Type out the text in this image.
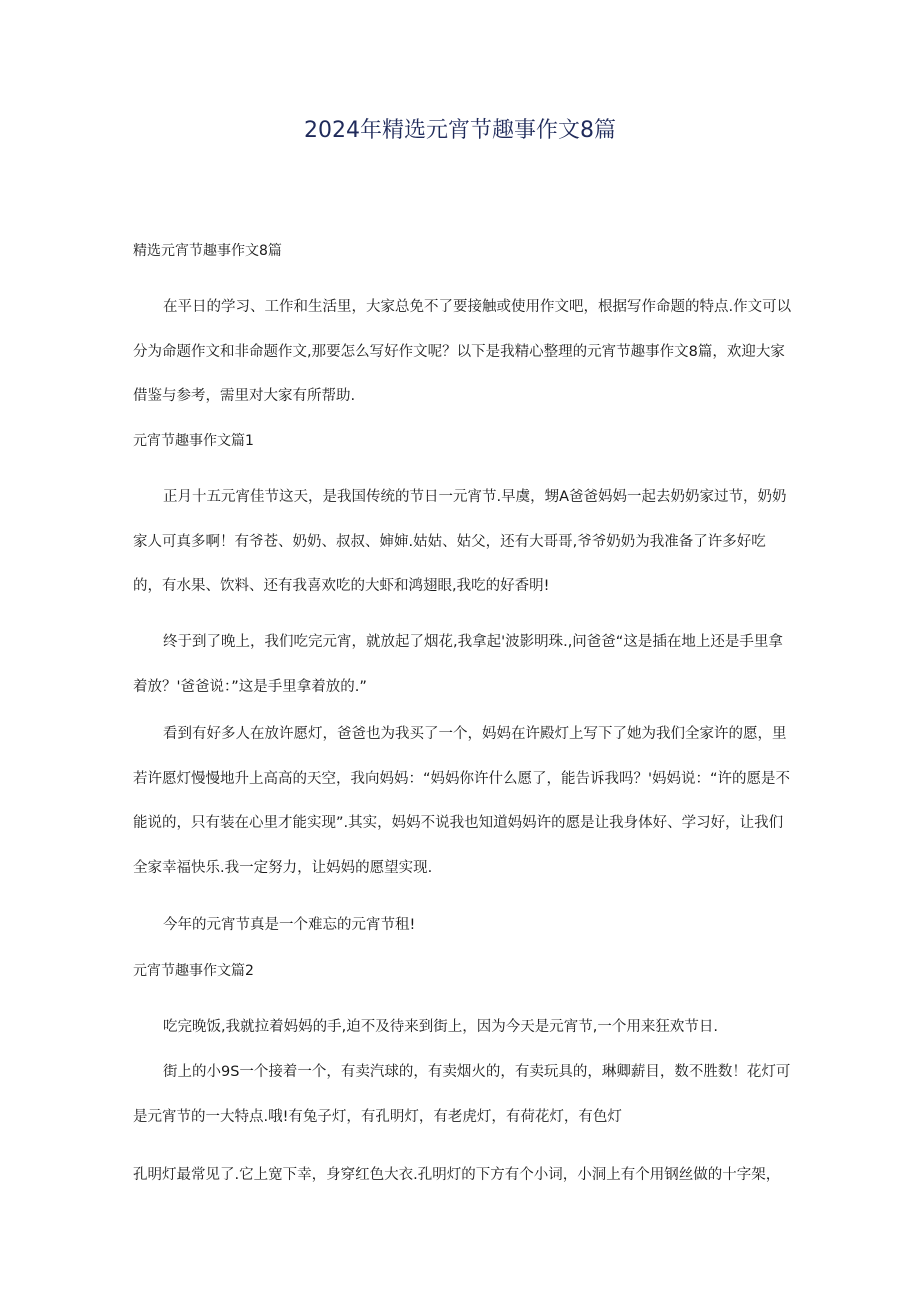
2024年精选元宵节趣事作文8篇

精选元宵节趣事作文8篇

在平日的学习、工作和生活里，大家总免不了要接触或使用作文吧，根据写作命题的特点.作文可以分为命题作文和非命题作文,那要怎么写好作文呢？以下是我精心整理的元宵节趣事作文8篇，欢迎大家借鉴与参考，需里对大家有所帮助.

元宵节趣事作文篇1

正月十五元宵佳节这天，是我国传统的节日一元宵节.早虞，甥A爸爸妈妈一起去奶奶家过节，奶奶家人可真多啊！有爷苍、奶奶、叔叔、婶婶.姑姑、姑父，还有大哥哥,爷爷奶奶为我准备了许多好吃的，有水果、饮料、还有我喜欢吃的大虾和鸿翅眼,我吃的好香明!

终于到了晚上，我们吃完元宵，就放起了烟花,我拿起'波影明珠.,问爸爸“这是插在地上还是手里拿着放？'爸爸说：”这是手里拿着放的.”

看到有好多人在放许愿灯，爸爸也为我买了一个，妈妈在许殿灯上写下了她为我们全家许的愿，里若许愿灯慢慢地升上高高的天空，我向妈妈：“妈妈你许什么愿了，能告诉我吗？'妈妈说：“许的愿是不能说的，只有装在心里才能实现”.其实，妈妈不说我也知道妈妈许的愿是让我身体好、学习好，让我们全家幸福快乐.我一定努力，让妈妈的愿望实现.

今年的元宵节真是一个难忘的元宵节租!

元宵节趣事作文篇2

吃完晚饭,我就拉着妈妈的手,迫不及待来到街上，因为今天是元宵节,一个用来狂欢节日.

街上的小9S一个接着一个，有卖汽球的，有卖烟火的，有卖玩具的，琳卿薪目，数不胜数！花灯可是元宵节的一大特点.哦!有兔子灯，有孔明灯，有老虎灯，有荷花灯，有色灯

孔明灯最常见了.它上宽下幸，身穿红色大衣.孔明灯的下方有个小词，小洞上有个用钢丝做的十字架，
